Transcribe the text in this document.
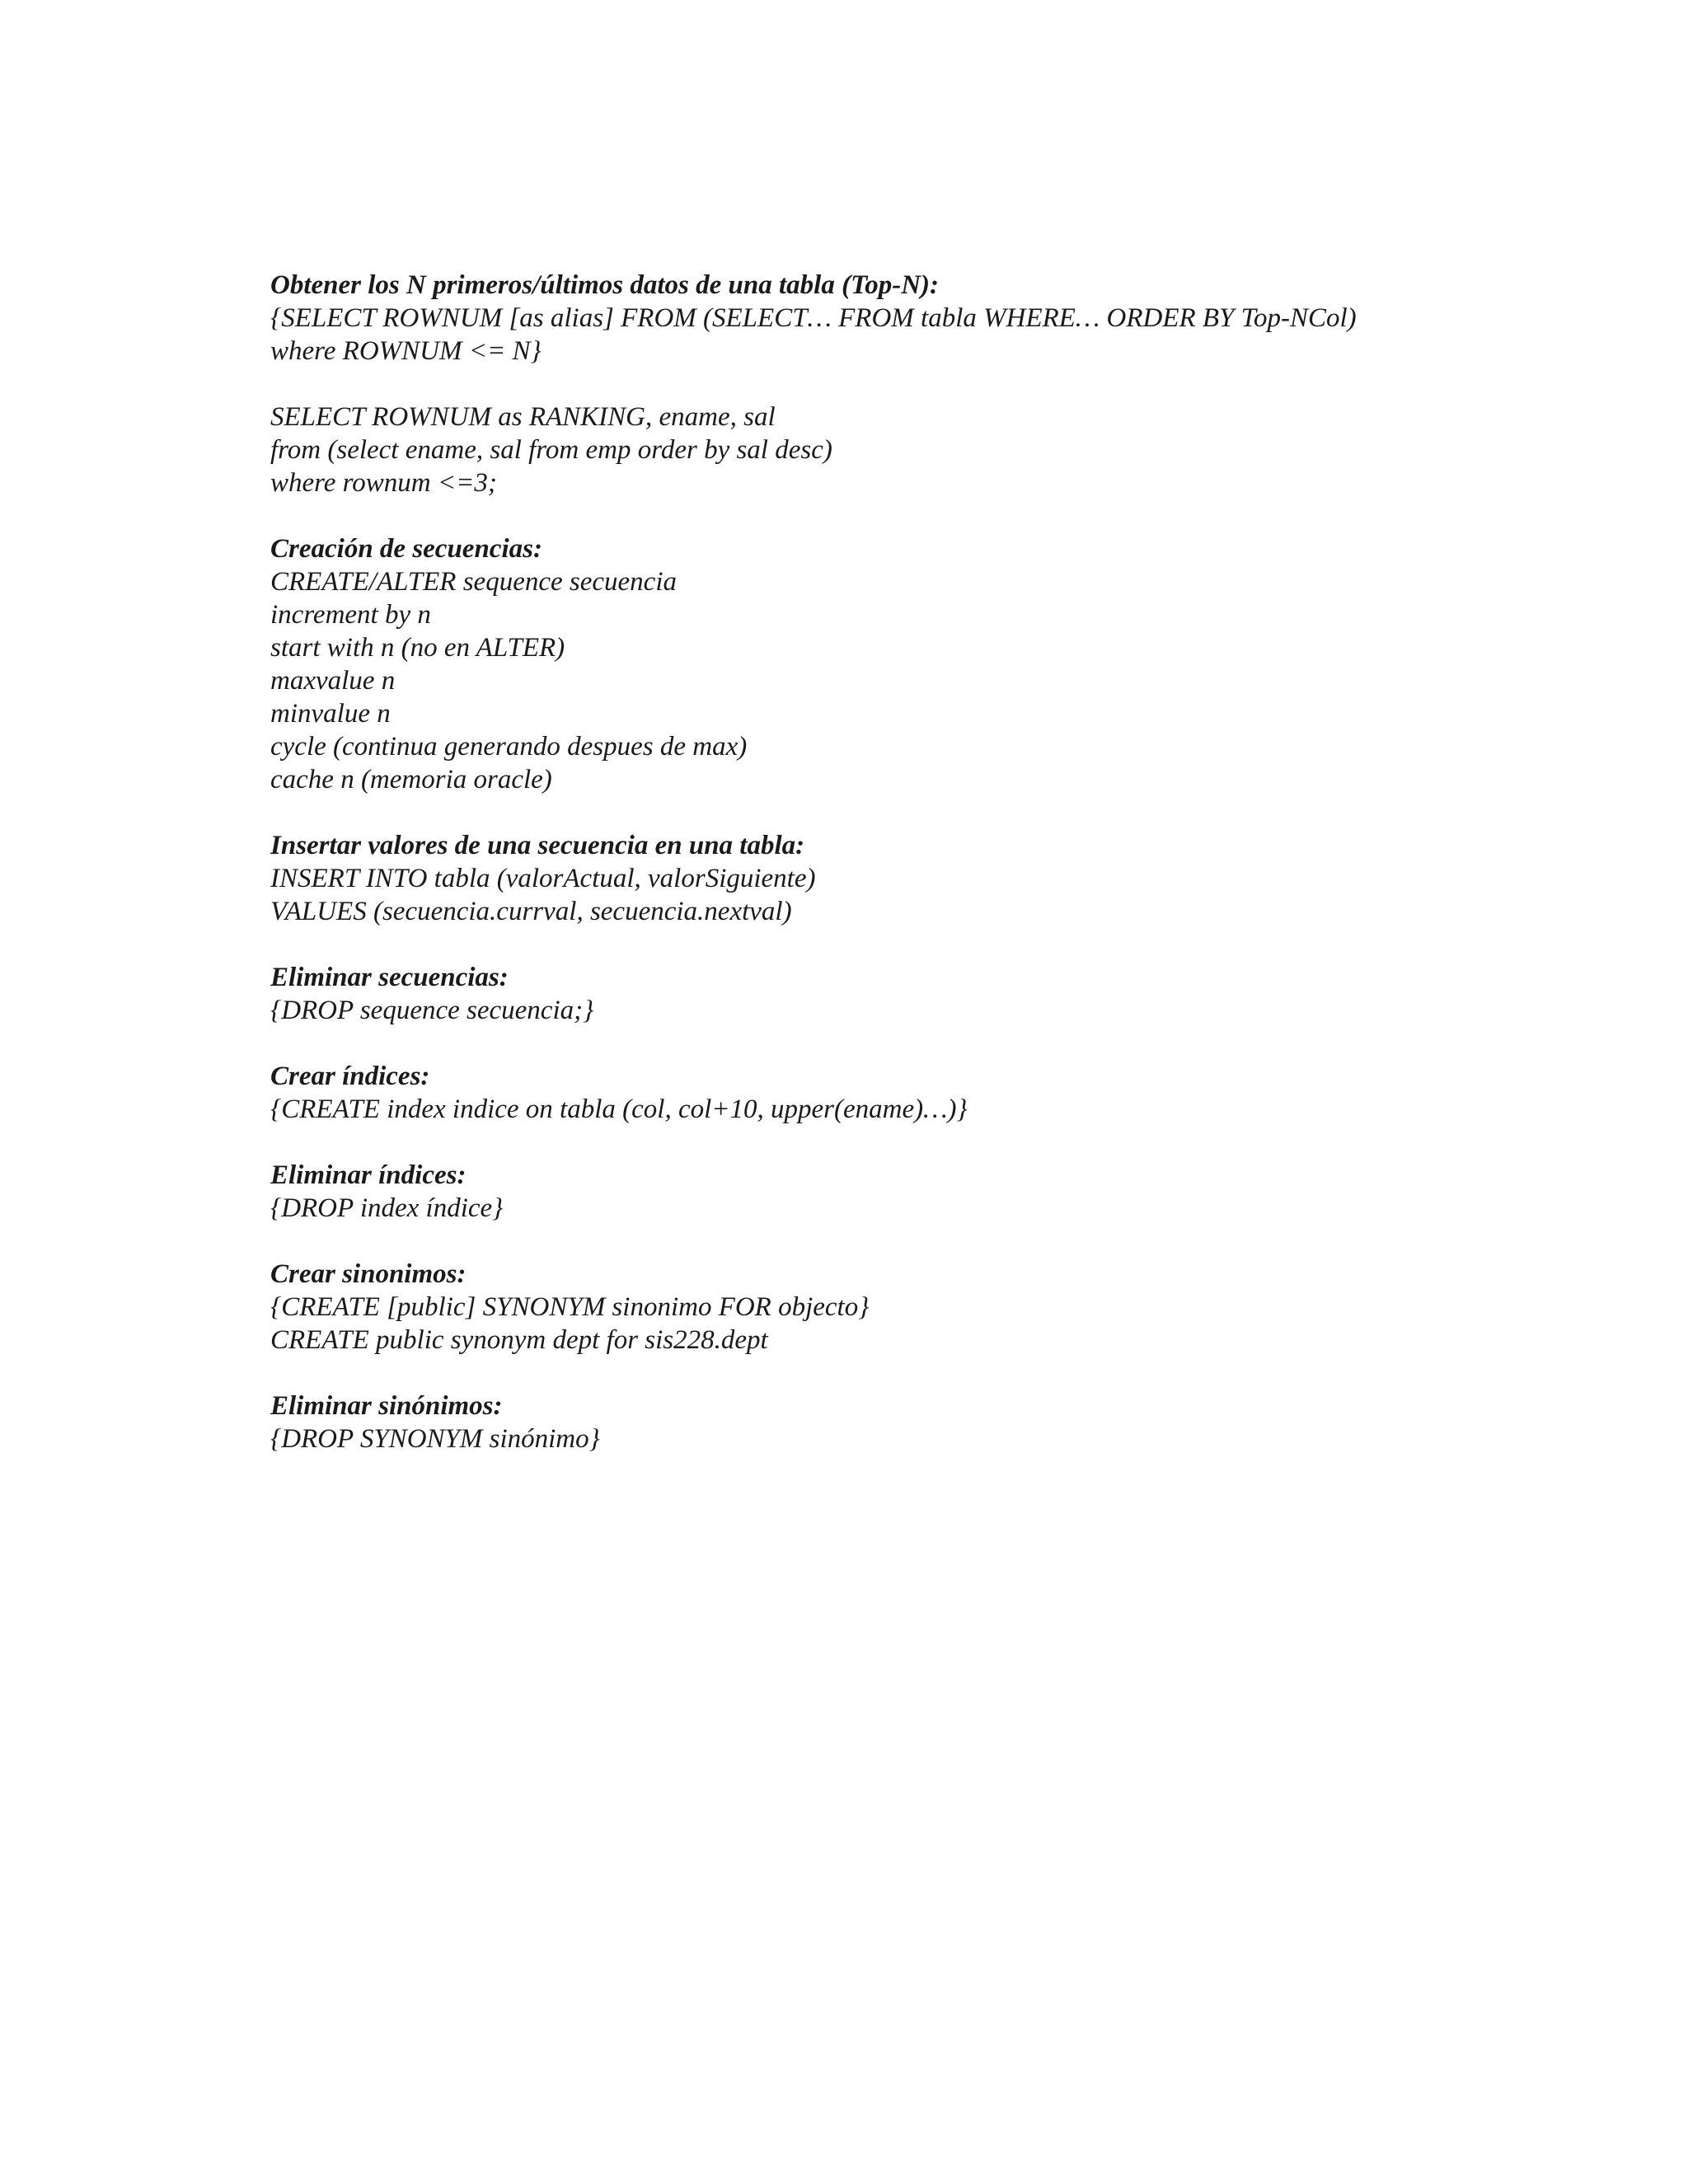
Obtener los N primeros/últimos datos de una tabla (Top-N):
{SELECT ROWNUM [as alias] FROM (SELECT… FROM tabla WHERE… ORDER BY Top-NCol)
where ROWNUM <= N}
SELECT ROWNUM as RANKING, ename, sal
from (select ename, sal from emp order by sal desc)
where rownum <=3;
Creación de secuencias:
CREATE/ALTER sequence secuencia
increment by n
start with n (no en ALTER)
maxvalue n
minvalue n
cycle (continua generando despues de max)
cache n (memoria oracle)
Insertar valores de una secuencia en una tabla:
INSERT INTO tabla (valorActual, valorSiguiente)
VALUES (secuencia.currval, secuencia.nextval)
Eliminar secuencias:
{DROP sequence secuencia;}
Crear índices:
{CREATE index indice on tabla (col, col+10, upper(ename)…)}
Eliminar índices:
{DROP index índice}
Crear sinonimos:
{CREATE [public] SYNONYM sinonimo FOR objecto}
CREATE public synonym dept for sis228.dept
Eliminar sinónimos:
{DROP SYNONYM sinónimo}
